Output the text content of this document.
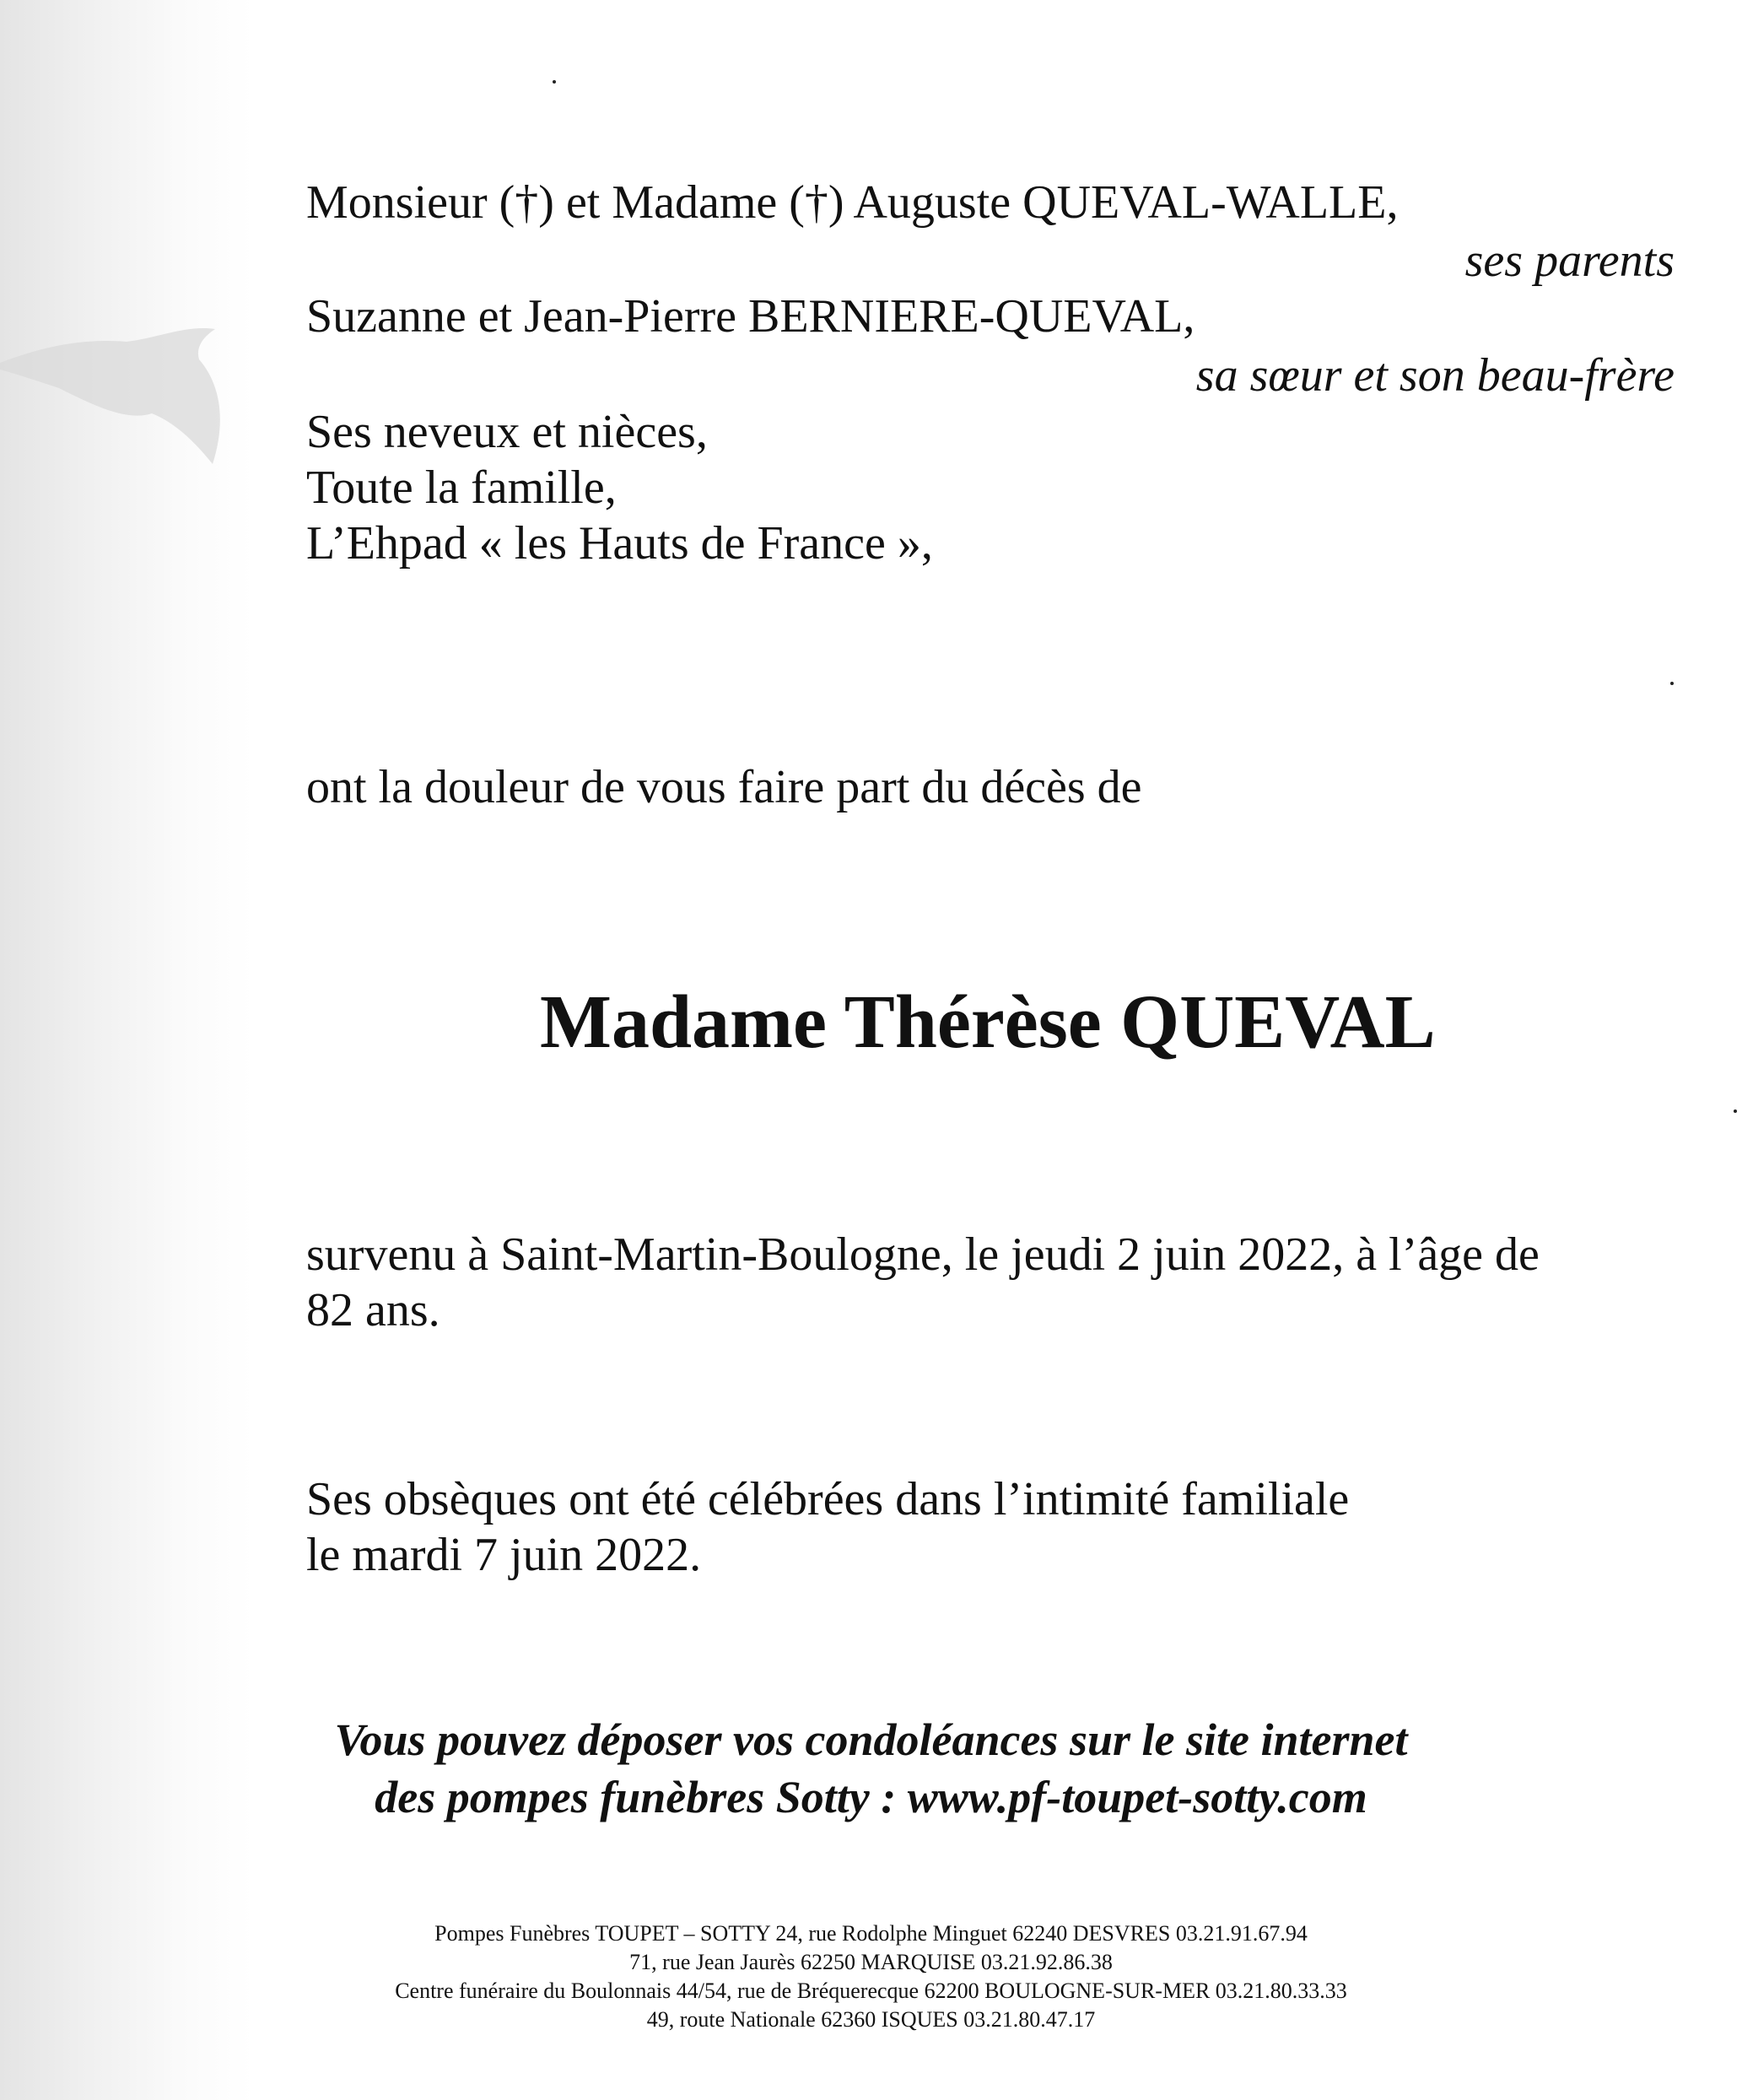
Monsieur (†) et Madame (†) Auguste QUEVAL-WALLE,
ses parents
Suzanne et Jean-Pierre BERNIERE-QUEVAL,
sa sœur et son beau-frère
Ses neveux et nièces,
Toute la famille,
L’Ehpad « les Hauts de France »,
ont la douleur de vous faire part du décès de
Madame Thérèse QUEVAL
survenu à Saint-Martin-Boulogne, le jeudi 2 juin 2022, à l’âge de
82 ans.
Ses obsèques ont été célébrées dans l’intimité familiale
le mardi 7 juin 2022.
Vous pouvez déposer vos condoléances sur le site internet
des pompes funèbres Sotty : www.pf-toupet-sotty.com
Pompes Funèbres TOUPET – SOTTY 24, rue Rodolphe Minguet 62240 DESVRES 03.21.91.67.94
71, rue Jean Jaurès 62250 MARQUISE 03.21.92.86.38
Centre funéraire du Boulonnais 44/54, rue de Bréquerecque 62200 BOULOGNE-SUR-MER 03.21.80.33.33
49, route Nationale 62360 ISQUES 03.21.80.47.17
